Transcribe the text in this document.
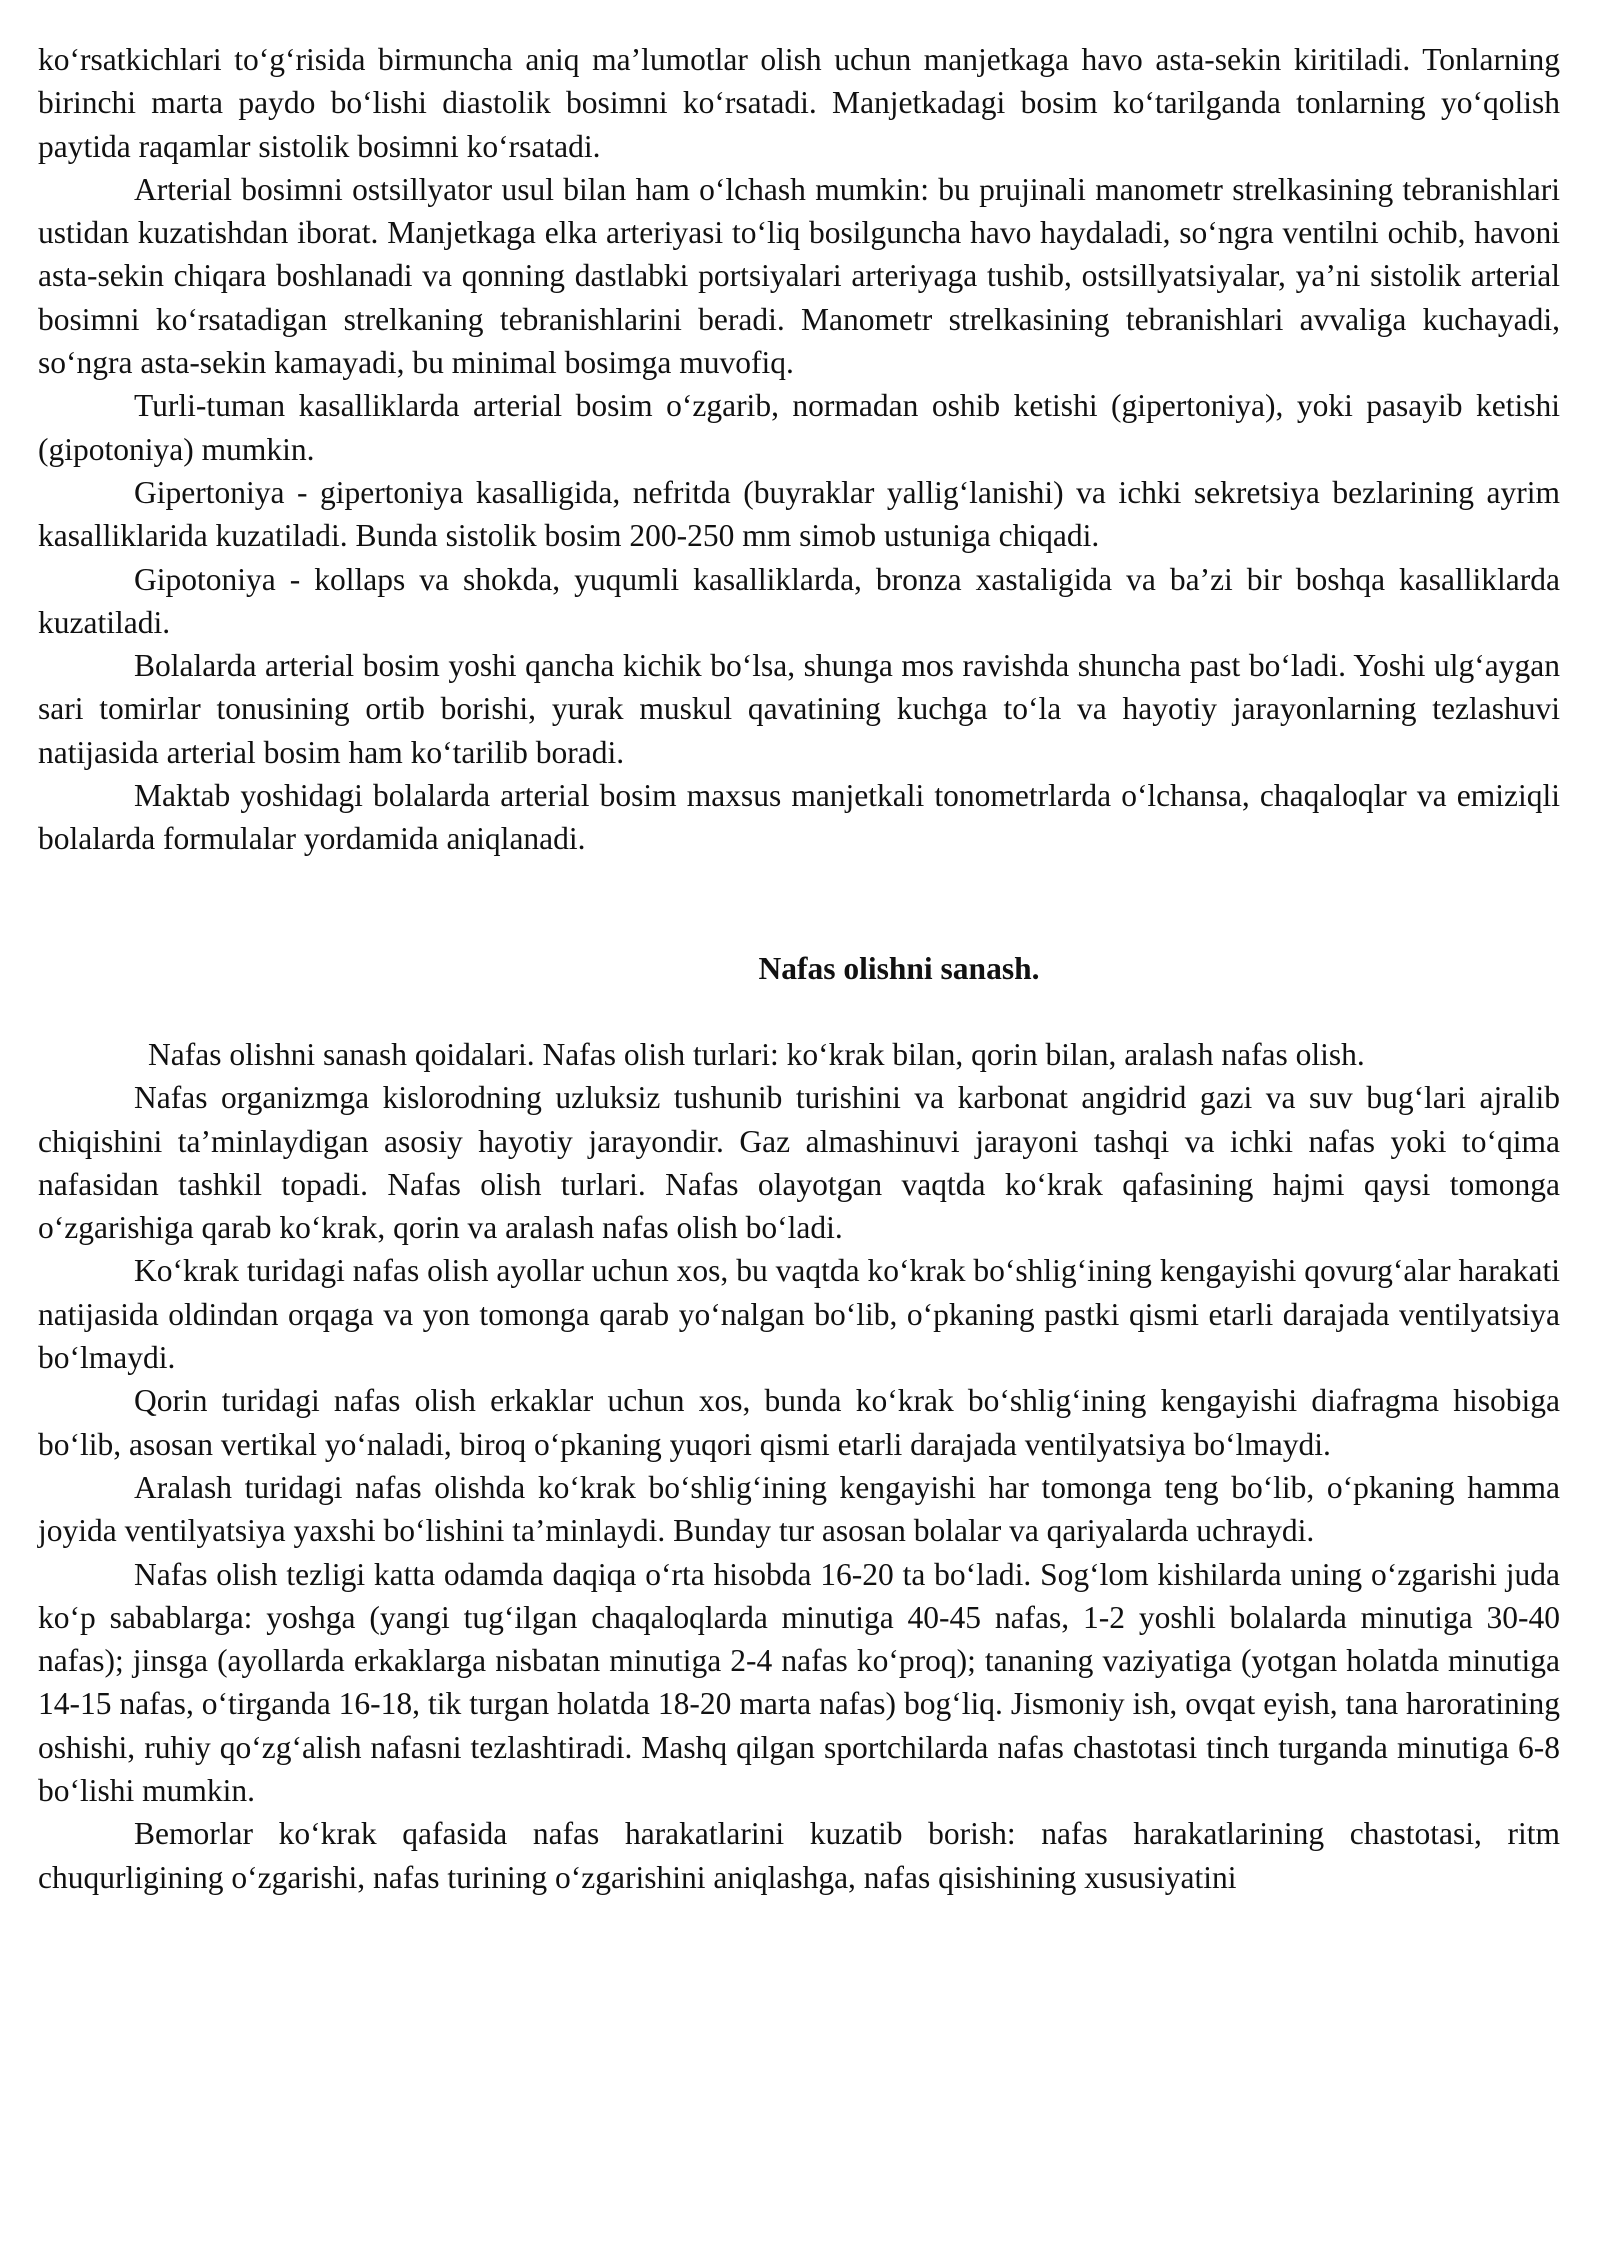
ko‘rsatkichlari to‘g‘risida birmuncha aniq ma’lumotlar olish uchun manjetkaga havo asta-sekin kiritiladi. Tonlarning birinchi marta paydo bo‘lishi diastolik bosimni ko‘rsatadi. Manjetkadagi bosim ko‘tarilganda tonlarning yo‘qolish paytida raqamlar sistolik bosimni ko‘rsatadi.

Arterial bosimni ostsillyator usul bilan ham o‘lchash mumkin: bu prujinali manometr strelkasining tebranishlari ustidan kuzatishdan iborat. Manjetkaga elka arteriyasi to‘liq bosilguncha havo haydaladi, so‘ngra ventilni ochib, havoni asta-sekin chiqara boshlanadi va qonning dastlabki portsiyalari arteriyaga tushib, ostsillyatsiyalar, ya’ni sistolik arterial bosimni ko‘rsatadigan strelkaning tebranishlarini beradi. Manometr strelkasining tebranishlari avvaliga kuchayadi, so‘ngra asta-sekin kamayadi, bu minimal bosimga muvofiq.

Turli-tuman kasalliklarda arterial bosim o‘zgarib, normadan oshib ketishi (gipertoniya), yoki pasayib ketishi (gipotoniya) mumkin.

Gipertoniya - gipertoniya kasalligida, nefritda (buyraklar yallig‘lanishi) va ichki sekretsiya bezlarining ayrim kasalliklarida kuzatiladi. Bunda sistolik bosim 200-250 mm simob ustuniga chiqadi.

Gipotoniya - kollaps va shokda, yuqumli kasalliklarda, bronza xastaligida va ba’zi bir boshqa kasalliklarda kuzatiladi.

Bolalarda arterial bosim yoshi qancha kichik bo‘lsa, shunga mos ravishda shuncha past bo‘ladi. Yoshi ulg‘aygan sari tomirlar tonusining ortib borishi, yurak muskul qavatining kuchga to‘la va hayotiy jarayonlarning tezlashuvi natijasida arterial bosim ham ko‘tarilib boradi.

Maktab yoshidagi bolalarda arterial bosim maxsus manjetkali tonometrlarda o‘lchansa, chaqaloqlar va emiziqli bolalarda formulalar yordamida aniqlanadi.

Nafas olishni sanash.

Nafas olishni sanash qoidalari. Nafas olish turlari: ko‘krak bilan, qorin bilan, aralash nafas olish.

Nafas organizmga kislorodning uzluksiz tushunib turishini va karbonat angidrid gazi va suv bug‘lari ajralib chiqishini ta’minlaydigan asosiy hayotiy jarayondir. Gaz almashinuvi jarayoni tashqi va ichki nafas yoki to‘qima nafasidan tashkil topadi. Nafas olish turlari. Nafas olayotgan vaqtda ko‘krak qafasining hajmi qaysi tomonga o‘zgarishiga qarab ko‘krak, qorin va aralash nafas olish bo‘ladi.

Ko‘krak turidagi nafas olish ayollar uchun xos, bu vaqtda ko‘krak bo‘shlig‘ining kengayishi qovurg‘alar harakati natijasida oldindan orqaga va yon tomonga qarab yo‘nalgan bo‘lib, o‘pkaning pastki qismi etarli darajada ventilyatsiya bo‘lmaydi.

Qorin turidagi nafas olish erkaklar uchun xos, bunda ko‘krak bo‘shlig‘ining kengayishi diafragma hisobiga bo‘lib, asosan vertikal yo‘naladi, biroq o‘pkaning yuqori qismi etarli darajada ventilyatsiya bo‘lmaydi.

Aralash turidagi nafas olishda ko‘krak bo‘shlig‘ining kengayishi har tomonga teng bo‘lib, o‘pkaning hamma joyida ventilyatsiya yaxshi bo‘lishini ta’minlaydi. Bunday tur asosan bolalar va qariyalarda uchraydi.

Nafas olish tezligi katta odamda daqiqa o‘rta hisobda 16-20 ta bo‘ladi. Sog‘lom kishilarda uning o‘zgarishi juda ko‘p sabablarga: yoshga (yangi tug‘ilgan chaqaloqlarda minutiga 40-45 nafas, 1-2 yoshli bolalarda minutiga 30-40 nafas); jinsga (ayollarda erkaklarga nisbatan minutiga 2-4 nafas ko‘proq); tananing vaziyatiga (yotgan holatda minutiga 14-15 nafas, o‘tirganda 16-18, tik turgan holatda 18-20 marta nafas) bog‘liq. Jismoniy ish, ovqat eyish, tana haroratining oshishi, ruhiy qo‘zg‘alish nafasni tezlashtiradi. Mashq qilgan sportchilarda nafas chastotasi tinch turganda minutiga 6-8 bo‘lishi mumkin.

Bemorlar ko‘krak qafasida nafas harakatlarini kuzatib borish: nafas harakatlarining chastotasi, ritm chuqurligining o‘zgarishi, nafas turining o‘zgarishini aniqlashga, nafas qisishining xususiyatini
